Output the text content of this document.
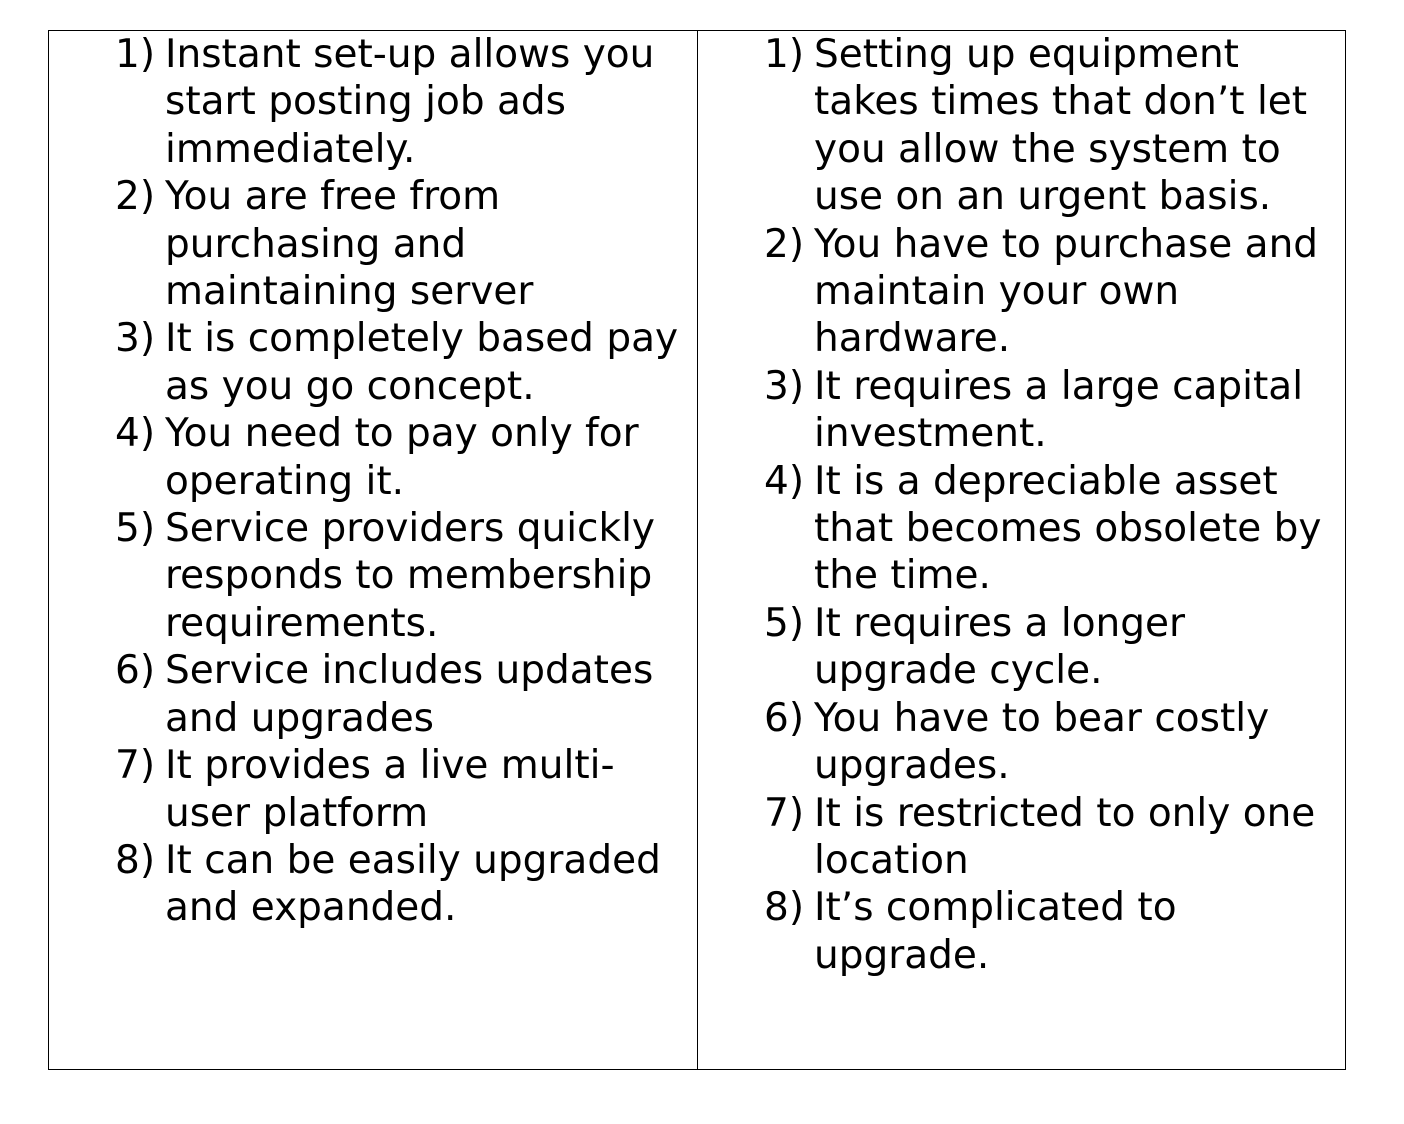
1) Instant set-up allows you
start posting job ads
immediately.
2) You are free from
purchasing and
maintaining server
3) It is completely based pay
as you go concept.
4) You need to pay only for
operating it.
5) Service providers quickly
responds to membership
requirements.
6) Service includes updates
and upgrades
7) It provides a live multi-
user platform
8) It can be easily upgraded
and expanded.
1) Setting up equipment
takes times that don’t let
you allow the system to
use on an urgent basis.
2) You have to purchase and
maintain your own
hardware.
3) It requires a large capital
investment.
4) It is a depreciable asset
that becomes obsolete by
the time.
5) It requires a longer
upgrade cycle.
6) You have to bear costly
upgrades.
7) It is restricted to only one
location
8) It’s complicated to
upgrade.
